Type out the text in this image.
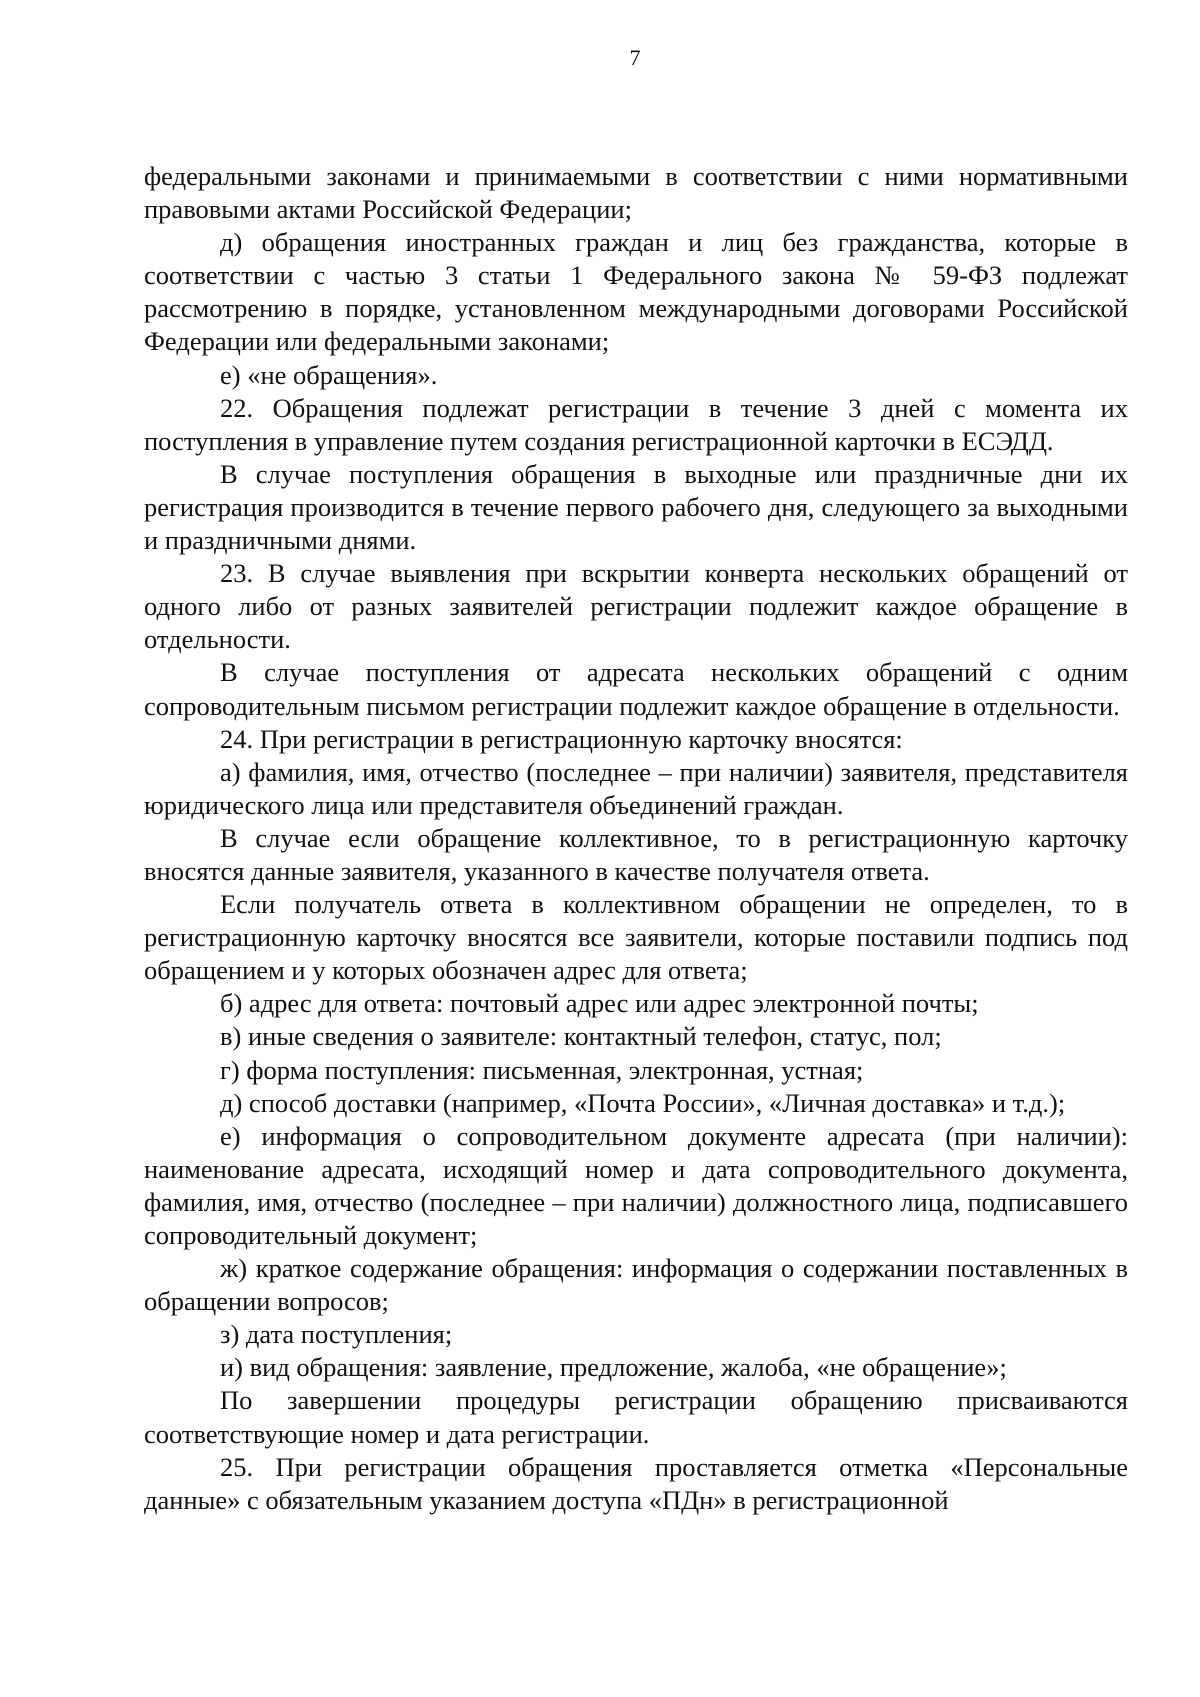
7

федеральными законами и принимаемыми в соответствии с ними нормативными правовыми актами Российской Федерации;

д) обращения иностранных граждан и лиц без гражданства, которые в соответствии с частью 3 статьи 1 Федерального закона № 59-ФЗ подлежат рассмотрению в порядке, установленном международными договорами Российской Федерации или федеральными законами;

е) «не обращения».

22. Обращения подлежат регистрации в течение 3 дней с момента их поступления в управление путем создания регистрационной карточки в ЕСЭДД.

В случае поступления обращения в выходные или праздничные дни их регистрация производится в течение первого рабочего дня, следующего за выходными и праздничными днями.

23. В случае выявления при вскрытии конверта нескольких обращений от одного либо от разных заявителей регистрации подлежит каждое обращение в отдельности.

В случае поступления от адресата нескольких обращений с одним сопроводительным письмом регистрации подлежит каждое обращение в отдельности.

24. При регистрации в регистрационную карточку вносятся:

а) фамилия, имя, отчество (последнее – при наличии) заявителя, представителя юридического лица или представителя объединений граждан.

В случае если обращение коллективное, то в регистрационную карточку вносятся данные заявителя, указанного в качестве получателя ответа.

Если получатель ответа в коллективном обращении не определен, то в регистрационную карточку вносятся все заявители, которые поставили подпись под обращением и у которых обозначен адрес для ответа;

б) адрес для ответа: почтовый адрес или адрес электронной почты;

в) иные сведения о заявителе: контактный телефон, статус, пол;

г) форма поступления: письменная, электронная, устная;

д) способ доставки (например, «Почта России», «Личная доставка» и т.д.);

е) информация о сопроводительном документе адресата (при наличии): наименование адресата, исходящий номер и дата сопроводительного документа, фамилия, имя, отчество (последнее – при наличии) должностного лица, подписавшего сопроводительный документ;

ж) краткое содержание обращения: информация о содержании поставленных в обращении вопросов;

з) дата поступления;

и) вид обращения: заявление, предложение, жалоба, «не обращение»;

По завершении процедуры регистрации обращению присваиваются соответствующие номер и дата регистрации.

25. При регистрации обращения проставляется отметка «Персональные данные» с обязательным указанием доступа «ПДн» в регистрационной
